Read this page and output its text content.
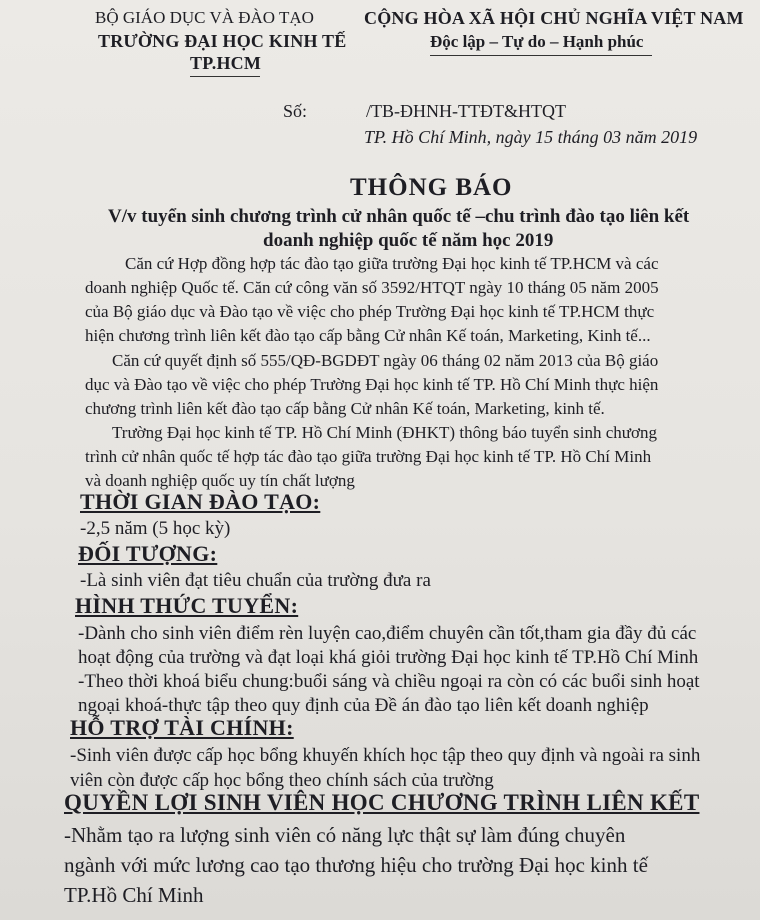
BỘ GIÁO DỤC VÀ ĐÀO TẠO
TRƯỜNG ĐẠI HỌC KINH TẾ
TP.HCM
CỘNG HÒA XÃ HỘI CHỦ NGHĨA VIỆT NAM
Độc lập – Tự do – Hạnh phúc
Số:	/TB-ĐHNH-TTĐT&HTQT
TP. Hồ Chí Minh, ngày 15 tháng 03 năm 2019
THÔNG BÁO
V/v tuyển sinh chương trình cử nhân quốc tế –chu trình đào tạo liên kết
doanh nghiệp quốc tế năm học 2019
Căn cứ Hợp đồng hợp tác đào tạo giữa trường Đại học kinh tế TP.HCM và các
doanh nghiệp Quốc tế. Căn cứ công văn số 3592/HTQT ngày 10 tháng 05 năm 2005
của Bộ giáo dục và Đào tạo về việc cho phép Trường Đại học kinh tế TP.HCM thực
hiện chương trình liên kết đào tạo cấp bằng Cử nhân Kế toán, Marketing, Kinh tế...
Căn cứ quyết định số 555/QĐ-BGDĐT ngày 06 tháng 02 năm 2013 của Bộ giáo
dục và Đào tạo về việc cho phép Trường Đại học kinh tế TP. Hồ Chí Minh thực hiện
chương trình liên kết đào tạo cấp bằng Cử nhân Kế toán, Marketing, kinh tế.
Trường Đại học kinh tế TP. Hồ Chí Minh (ĐHKT) thông báo tuyển sinh chương
trình cử nhân quốc tế hợp tác đào tạo giữa trường Đại học kinh tế TP. Hồ Chí Minh
và doanh nghiệp quốc uy tín chất lượng
THỜI GIAN ĐÀO TẠO:
-2,5 năm (5 học kỳ)
ĐỐI TƯỢNG:
-Là sinh viên đạt tiêu chuẩn của trường đưa ra
HÌNH THỨC TUYỂN:
-Dành cho sinh viên điểm rèn luyện cao,điểm chuyên cần tốt,tham gia đầy đủ các
hoạt động của trường và đạt loại khá giỏi trường Đại học kinh tế TP.Hồ Chí Minh
-Theo thời khoá biểu chung:buổi sáng và chiều ngoại ra còn có các buổi sinh hoạt
ngoại khoá-thực tập theo quy định của Đề án đào tạo liên kết doanh nghiệp
HỖ TRỢ TÀI CHÍNH:
-Sinh viên được cấp học bổng khuyến khích học tập theo quy định và ngoài ra sinh
viên còn được cấp học bổng theo chính sách của trường
QUYỀN LỢI SINH VIÊN HỌC CHƯƠNG TRÌNH LIÊN KẾT
-Nhằm tạo ra lượng sinh viên có năng lực thật sự làm đúng chuyên
ngành với mức lương cao tạo thương hiệu cho trường Đại học kinh tế
TP.Hồ Chí Minh
